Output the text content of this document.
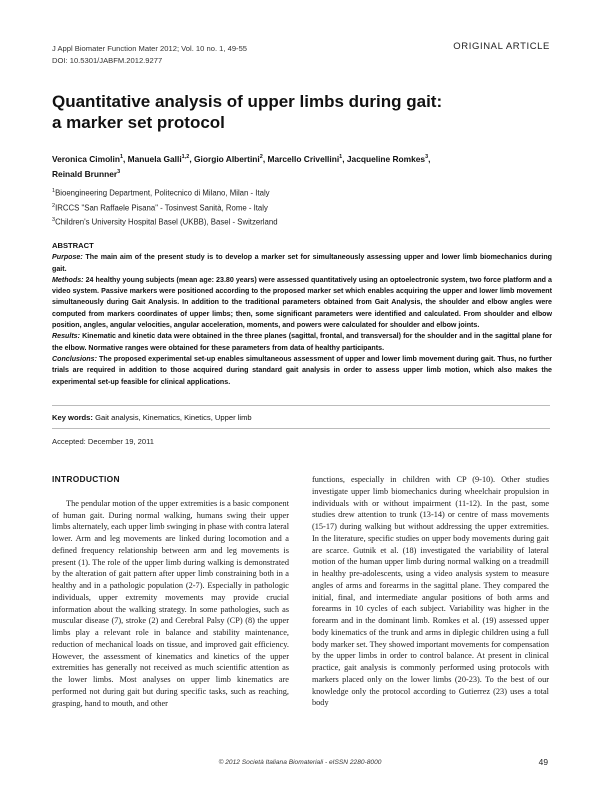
J Appl Biomater Function Mater 2012; Vol. 10 no. 1, 49-55
DOI: 10.5301/JABFM.2012.9277
ORIGINAL ARTICLE
Quantitative analysis of upper limbs during gait:
a marker set protocol
Veronica Cimolin$^1$, Manuela Galli$^{1,2}$, Giorgio Albertini$^2$, Marcello Crivellini$^1$, Jacqueline Romkes$^3$,
Reinald Brunner$^3$
$^1$Bioengineering Department, Politecnico di Milano, Milan - Italy
$^2$IRCCS "San Raffaele Pisana" - Tosinvest Sanità, Rome - Italy
$^3$Children's University Hospital Basel (UKBB), Basel - Switzerland
ABSTRACT

Purpose: The main aim of the present study is to develop a marker set for simultaneously assessing upper and lower limb biomechanics during gait.

Methods: 24 healthy young subjects (mean age: 23.80 years) were assessed quantitatively using an optoelectronic system, two force platform and a video system. Passive markers were positioned according to the proposed marker set which enables acquiring the upper and lower limb movement simultaneously during Gait Analysis. In addition to the traditional parameters obtained from Gait Analysis, the shoulder and elbow angles were computed from markers coordinates of upper limbs; then, some significant parameters were identified and calculated. From shoulder and elbow position, angles, angular velocities, angular acceleration, moments, and powers were calculated for shoulder and elbow joints.

Results: Kinematic and kinetic data were obtained in the three planes (sagittal, frontal, and transversal) for the shoulder and in the sagittal plane for the elbow. Normative ranges were obtained for these parameters from data of healthy participants.

Conclusions: The proposed experimental set-up enables simultaneous assessment of upper and lower limb movement during gait. Thus, no further trials are required in addition to those acquired during standard gait analysis in order to assess upper limb motion, which also makes the experimental set-up feasible for clinical applications.

Key words: Gait analysis, Kinematics, Kinetics, Upper limb
Accepted: December 19, 2011
INTRODUCTION

The pendular motion of the upper extremities is a basic component of human gait. During normal walking, humans swing their upper limbs alternately, each upper limb swinging in phase with contra lateral lower. Arm and leg movements are linked during locomotion and a defined frequency relationship between arm and leg movements is present (1). The role of the upper limb during walking is demonstrated by the alteration of gait pattern after upper limb constraining both in a healthy and in a pathologic population (2-7). Especially in pathologic individuals, upper extremity movements may provide crucial information about the walking strategy. In some pathologies, such as muscular disease (7), stroke (2) and Cerebral Palsy (CP) (8) the upper limbs play a relevant role in balance and stability maintenance, reduction of mechanical loads on tissue, and improved gait efficiency. However, the assessment of kinematics and kinetics of the upper extremities has generally not received as much scientific attention as the lower limbs. Most analyses on upper limb kinematics are performed not during gait but during specific tasks, such as reaching, grasping, hand to mouth, and other

functions, especially in children with CP (9-10). Other studies investigate upper limb biomechanics during wheelchair propulsion in individuals with or without impairment (11-12). In the past, some studies drew attention to trunk (13-14) or centre of mass movements (15-17) during walking but without addressing the upper extremities. In the literature, specific studies on upper body movements during gait are scarce. Gutnik et al. (18) investigated the variability of lateral motion of the human upper limb during normal walking on a treadmill in healthy pre-adolescents, using a video analysis system to measure angles of arms and forearms in the sagittal plane. They compared the initial, final, and intermediate angular positions of both arms and forearms in 10 cycles of each subject. Variability was higher in the forearm and in the dominant limb. Romkes et al. (19) assessed upper body kinematics of the trunk and arms in diplegic children using a full body marker set. They showed important movements for compensation by the upper limbs in order to control balance. At present in clinical practice, gait analysis is commonly performed using protocols with markers placed only on the lower limbs (20-23). To the best of our knowledge only the protocol according to Gutierrez (23) uses a total body

© 2012 Società Italiana Biomateriali - eISSN 2280-8000	49
